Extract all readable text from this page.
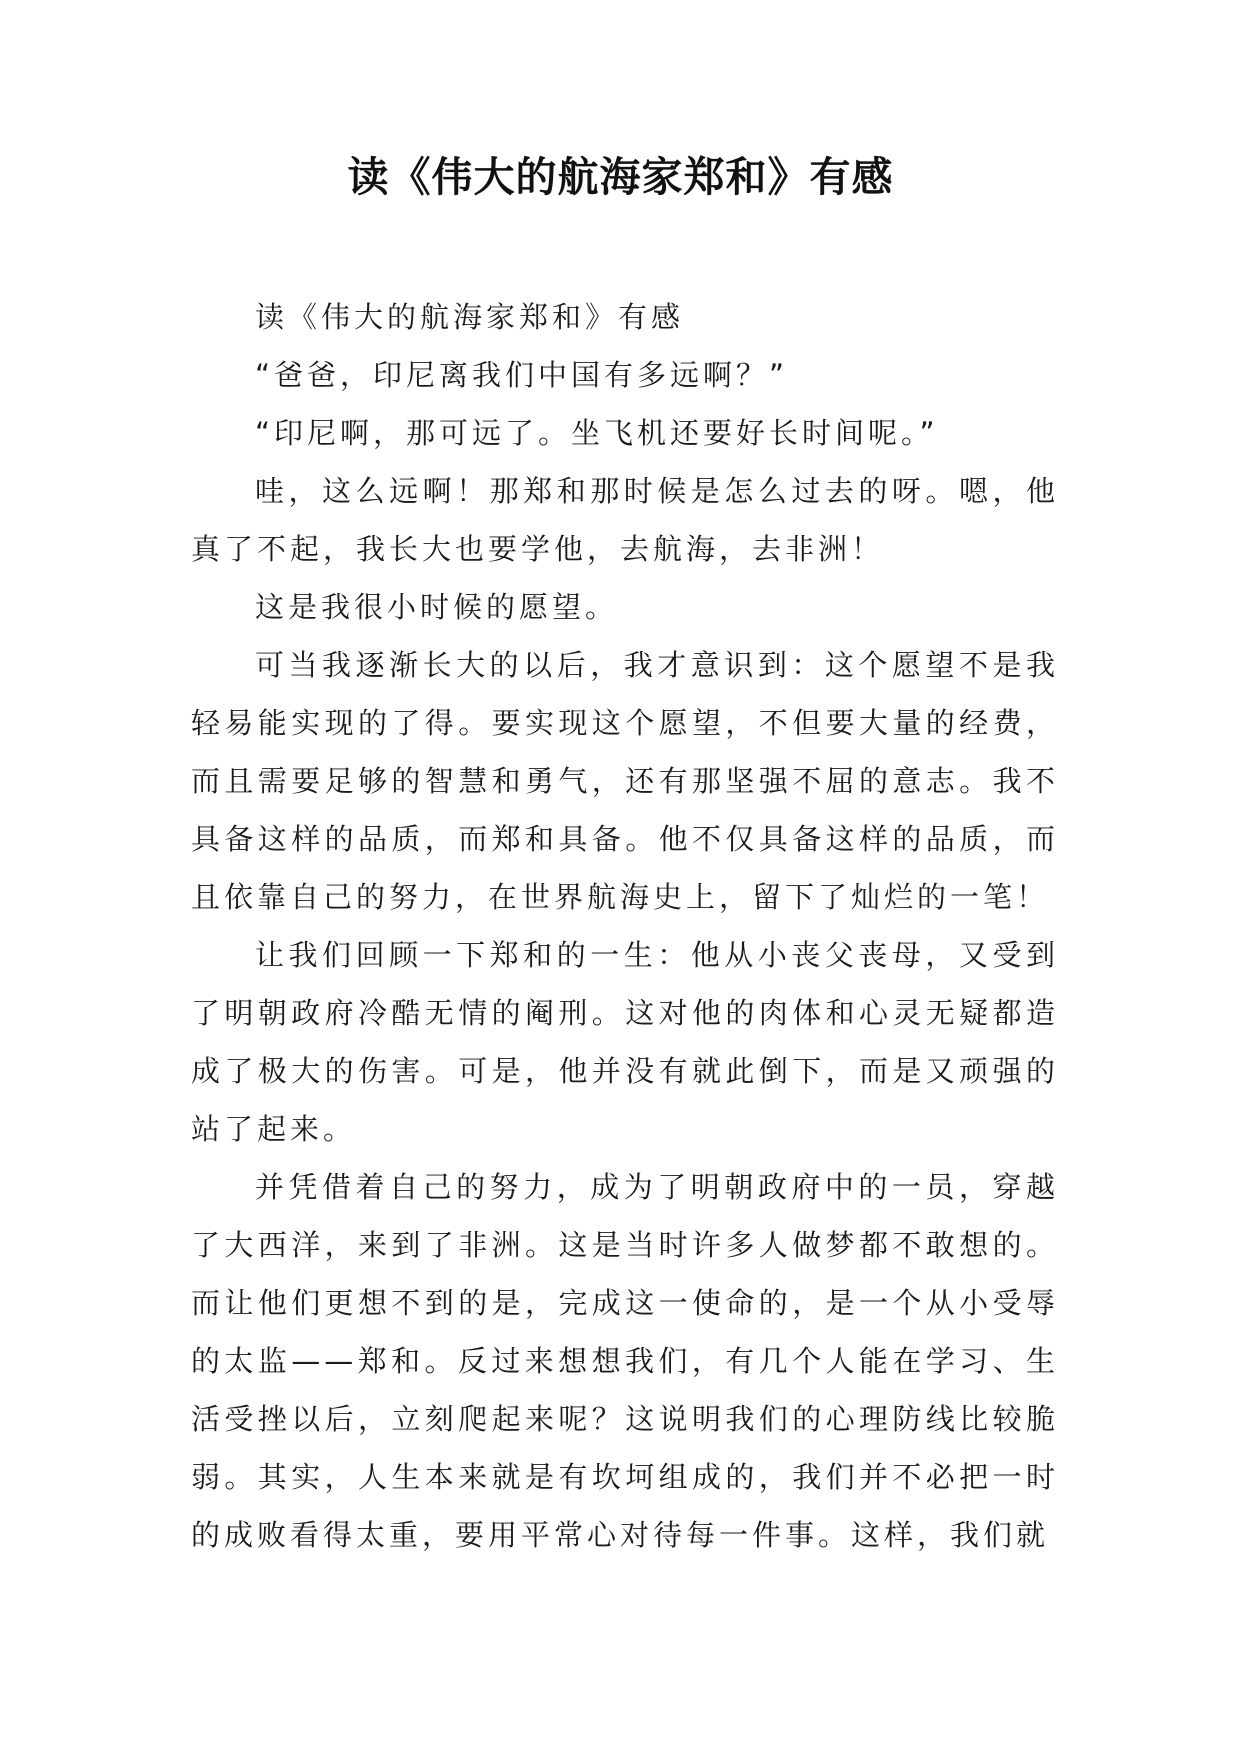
读《伟大的航海家郑和》有感

读《伟大的航海家郑和》有感

“爸爸，印尼离我们中国有多远啊？”

“印尼啊，那可远了。坐飞机还要好长时间呢。”

哇，这么远啊！那郑和那时候是怎么过去的呀。嗯，他真了不起，我长大也要学他，去航海，去非洲！

这是我很小时候的愿望。

可当我逐渐长大的以后，我才意识到：这个愿望不是我轻易能实现的了得。要实现这个愿望，不但要大量的经费，而且需要足够的智慧和勇气，还有那坚强不屈的意志。我不具备这样的品质，而郑和具备。他不仅具备这样的品质，而且依靠自己的努力，在世界航海史上，留下了灿烂的一笔！

让我们回顾一下郑和的一生：他从小丧父丧母，又受到了明朝政府冷酷无情的阉刑。这对他的肉体和心灵无疑都造成了极大的伤害。可是，他并没有就此倒下，而是又顽强的站了起来。

并凭借着自己的努力，成为了明朝政府中的一员，穿越了大西洋，来到了非洲。这是当时许多人做梦都不敢想的。而让他们更想不到的是，完成这一使命的，是一个从小受辱的太监——郑和。反过来想想我们，有几个人能在学习、生活受挫以后，立刻爬起来呢？这说明我们的心理防线比较脆弱。其实，人生本来就是有坎坷组成的，我们并不必把一时的成败看得太重，要用平常心对待每一件事。这样，我们就
